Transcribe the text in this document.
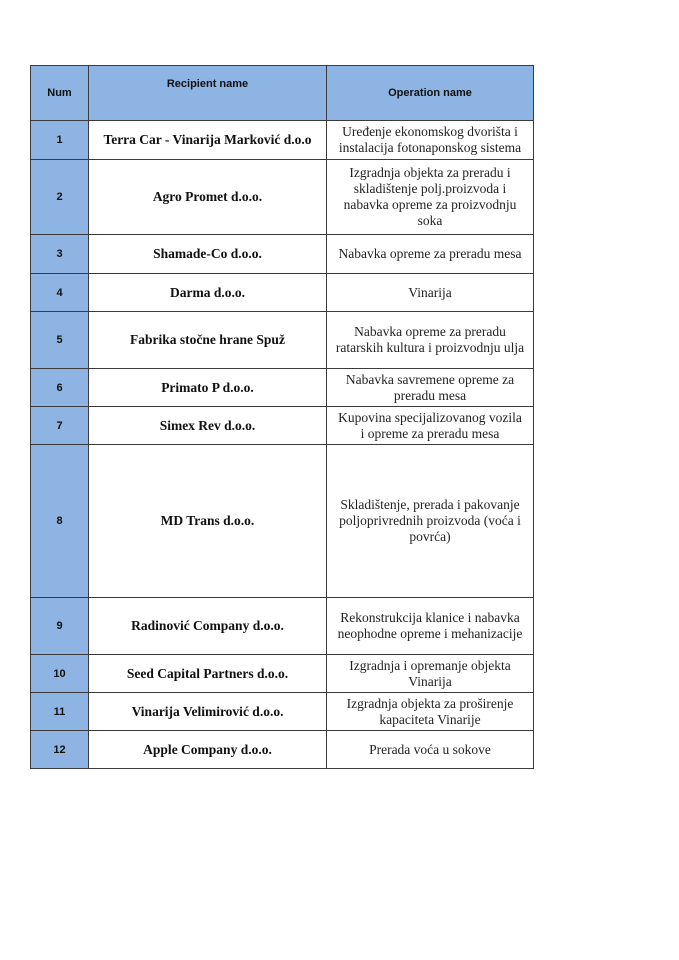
Num	Recipient name	Operation name
1	Terra Car - Vinarija Marković d.o.o	Uređenje ekonomskog dvorišta i
instalacija fotonaponskog sistema
2	Agro Promet d.o.o.	Izgradnja objekta za preradu i
skladištenje polj.proizvoda i
nabavka opreme za proizvodnju
soka
3	Shamade-Co d.o.o.	Nabavka opreme za preradu mesa
4	Darma d.o.o.	Vinarija
5	Fabrika stočne hrane Spuž	Nabavka opreme za preradu
ratarskih kultura i proizvodnju ulja
6	Primato P d.o.o.	Nabavka savremene opreme za
preradu mesa
7	Simex Rev d.o.o.	Kupovina specijalizovanog vozila
i opreme za preradu mesa
8	MD Trans d.o.o.	Skladištenje, prerada i pakovanje
poljoprivrednih proizvoda (voća i
povrća)
9	Radinović Company d.o.o.	Rekonstrukcija klanice i nabavka
neophodne opreme i mehanizacije
10	Seed Capital Partners d.o.o.	Izgradnja i opremanje objekta
Vinarija
11	Vinarija Velimirović d.o.o.	Izgradnja objekta za proširenje
kapaciteta Vinarije
12	Apple Company d.o.o.	Prerada voća u sokove
